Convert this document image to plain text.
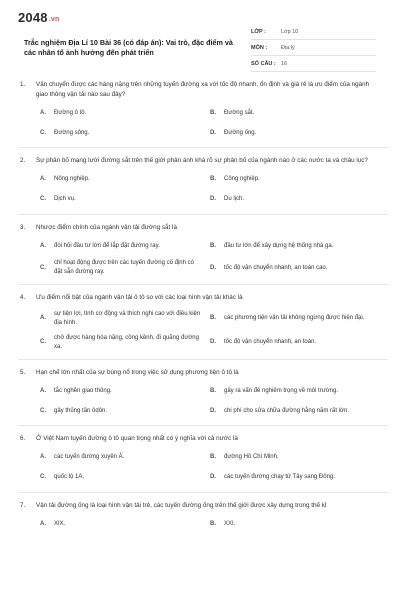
2048.vn
Trắc nghiệm Địa Lí 10 Bài 36 (có đáp án): Vai trò, đặc điểm và các nhân tố ảnh hưởng đến phát triển
LỚP :	Lớp 10
MÔN :	Địa lý
SỐ CÂU : 16
1.	Vận chuyển được các hàng nặng trên những tuyến đường xa với tốc độ nhanh, ổn định và giá rẻ là ưu điểm của ngành giao thông vận tải nào sau đây?
A.	Đường ô tô.	B.	Đường sắt.
C.	Đường sông.	D.	Đường ống.
2.	Sự phân bố mạng lưới đường sắt trên thế giới phản ánh khá rõ sự phân bố của ngành nào ở các nước ta và châu lục?
A.	Nông nghiệp.	B.	Công nghiệp.
C.	Dịch vụ.	D.	Du lịch.
3.	Nhược điểm chính của ngành vận tải đường sắt là
A.	đòi hỏi đầu tư lớn để lắp đặt đường ray.	B.	đầu tư lớn để xây dựng hệ thống nhà ga.
C.
chỉ hoạt động được trên các tuyến đường cố định có đặt sẵn đường ray.
D.	tốc độ vận chuyển nhanh, an toàn cao.
4.	Ưu điểm nổi bật của ngành vận tải ô tô so với các loại hình vận tải khác là
A.
sự tiện lợi, tính cơ động và thích nghi cao với điều kiện địa hình.
B.	các phương tiện vận tải không ngừng được hiện đại.
C.
chở được hàng hóa nặng, cồng kềnh, đi quãng đường xa.
D.	tốc độ vận chuyển nhanh, an toàn.
5.	Hạn chế lớn nhất của sự bùng nổ trong việc sử dụng phương tiện ô tô là
A.	tắc nghẽn giao thông.	B.	gây ra vấn đề nghiêm trọng về môi trường.
C.	gây thủng tần ôdôn.	D.	chi phí cho sửa chữa đường hằng năm rất lớn.
6.	Ở Việt Nam tuyến đường ô tô quan trọng nhất có ý nghĩa với cả nước là
A.	các tuyến đường xuyên Á.	B.	đường Hồ Chí Minh.
C.	quốc lộ 1A.	D.	các tuyến đường chạy từ Tây sang Đông.
7.	Vận tải đường ống là loại hình vận tải trẻ, các tuyến đường ống trên thế giới được xây dựng trong thế kỉ
A.	XIX.	B.	XXI.
